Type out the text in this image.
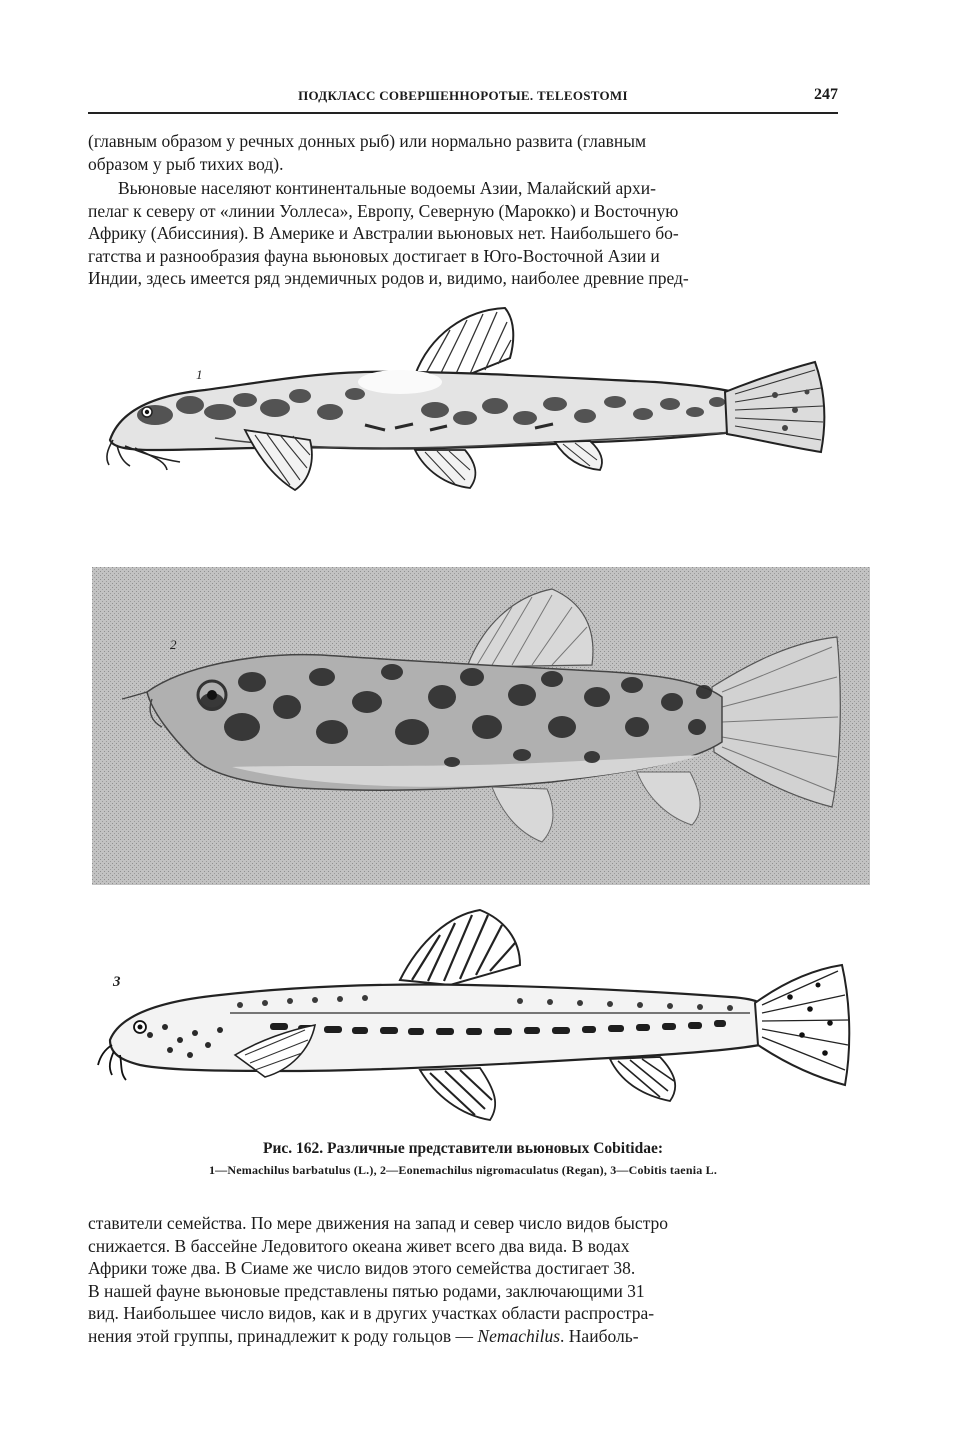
ПОДКЛАСС СОВЕРШЕННОРОТЫЕ. TELEOSTOMI	247
(главным образом у речных донных рыб) или нормально развита (главным
образом у рыб тихих вод).
Вьюновые населяют континентальные водоемы Азии, Малайский архи-
пелаг к северу от «линии Уоллеса», Европу, Северную (Марокко) и Восточную
Африку (Абиссиния). В Америке и Австралии вьюновых нет. Наибольшего бо-
гатства и разнообразия фауна вьюновых достигает в Юго-Восточной Азии и
Индии, здесь имеется ряд эндемичных родов и, видимо, наиболее древние пред-
1
2
3
Рис. 162. Различные представители вьюновых Cobitidae:
1—Nemachilus barbatulus (L.), 2—Eonemachilus nigromaculatus (Regan), 3—Cobitis taenia L.
ставители семейства. По мере движения на запад и север число видов быстро
снижается. В бассейне Ледовитого океана живет всего два вида. В водах
Африки тоже два. В Сиаме же число видов этого семейства достигает 38.
В нашей фауне вьюновые представлены пятью родами, заключающими 31
вид. Наибольшее число видов, как и в других участках области распростра-
нения этой группы, принадлежит к роду гольцов — Nemachilus. Наиболь-
